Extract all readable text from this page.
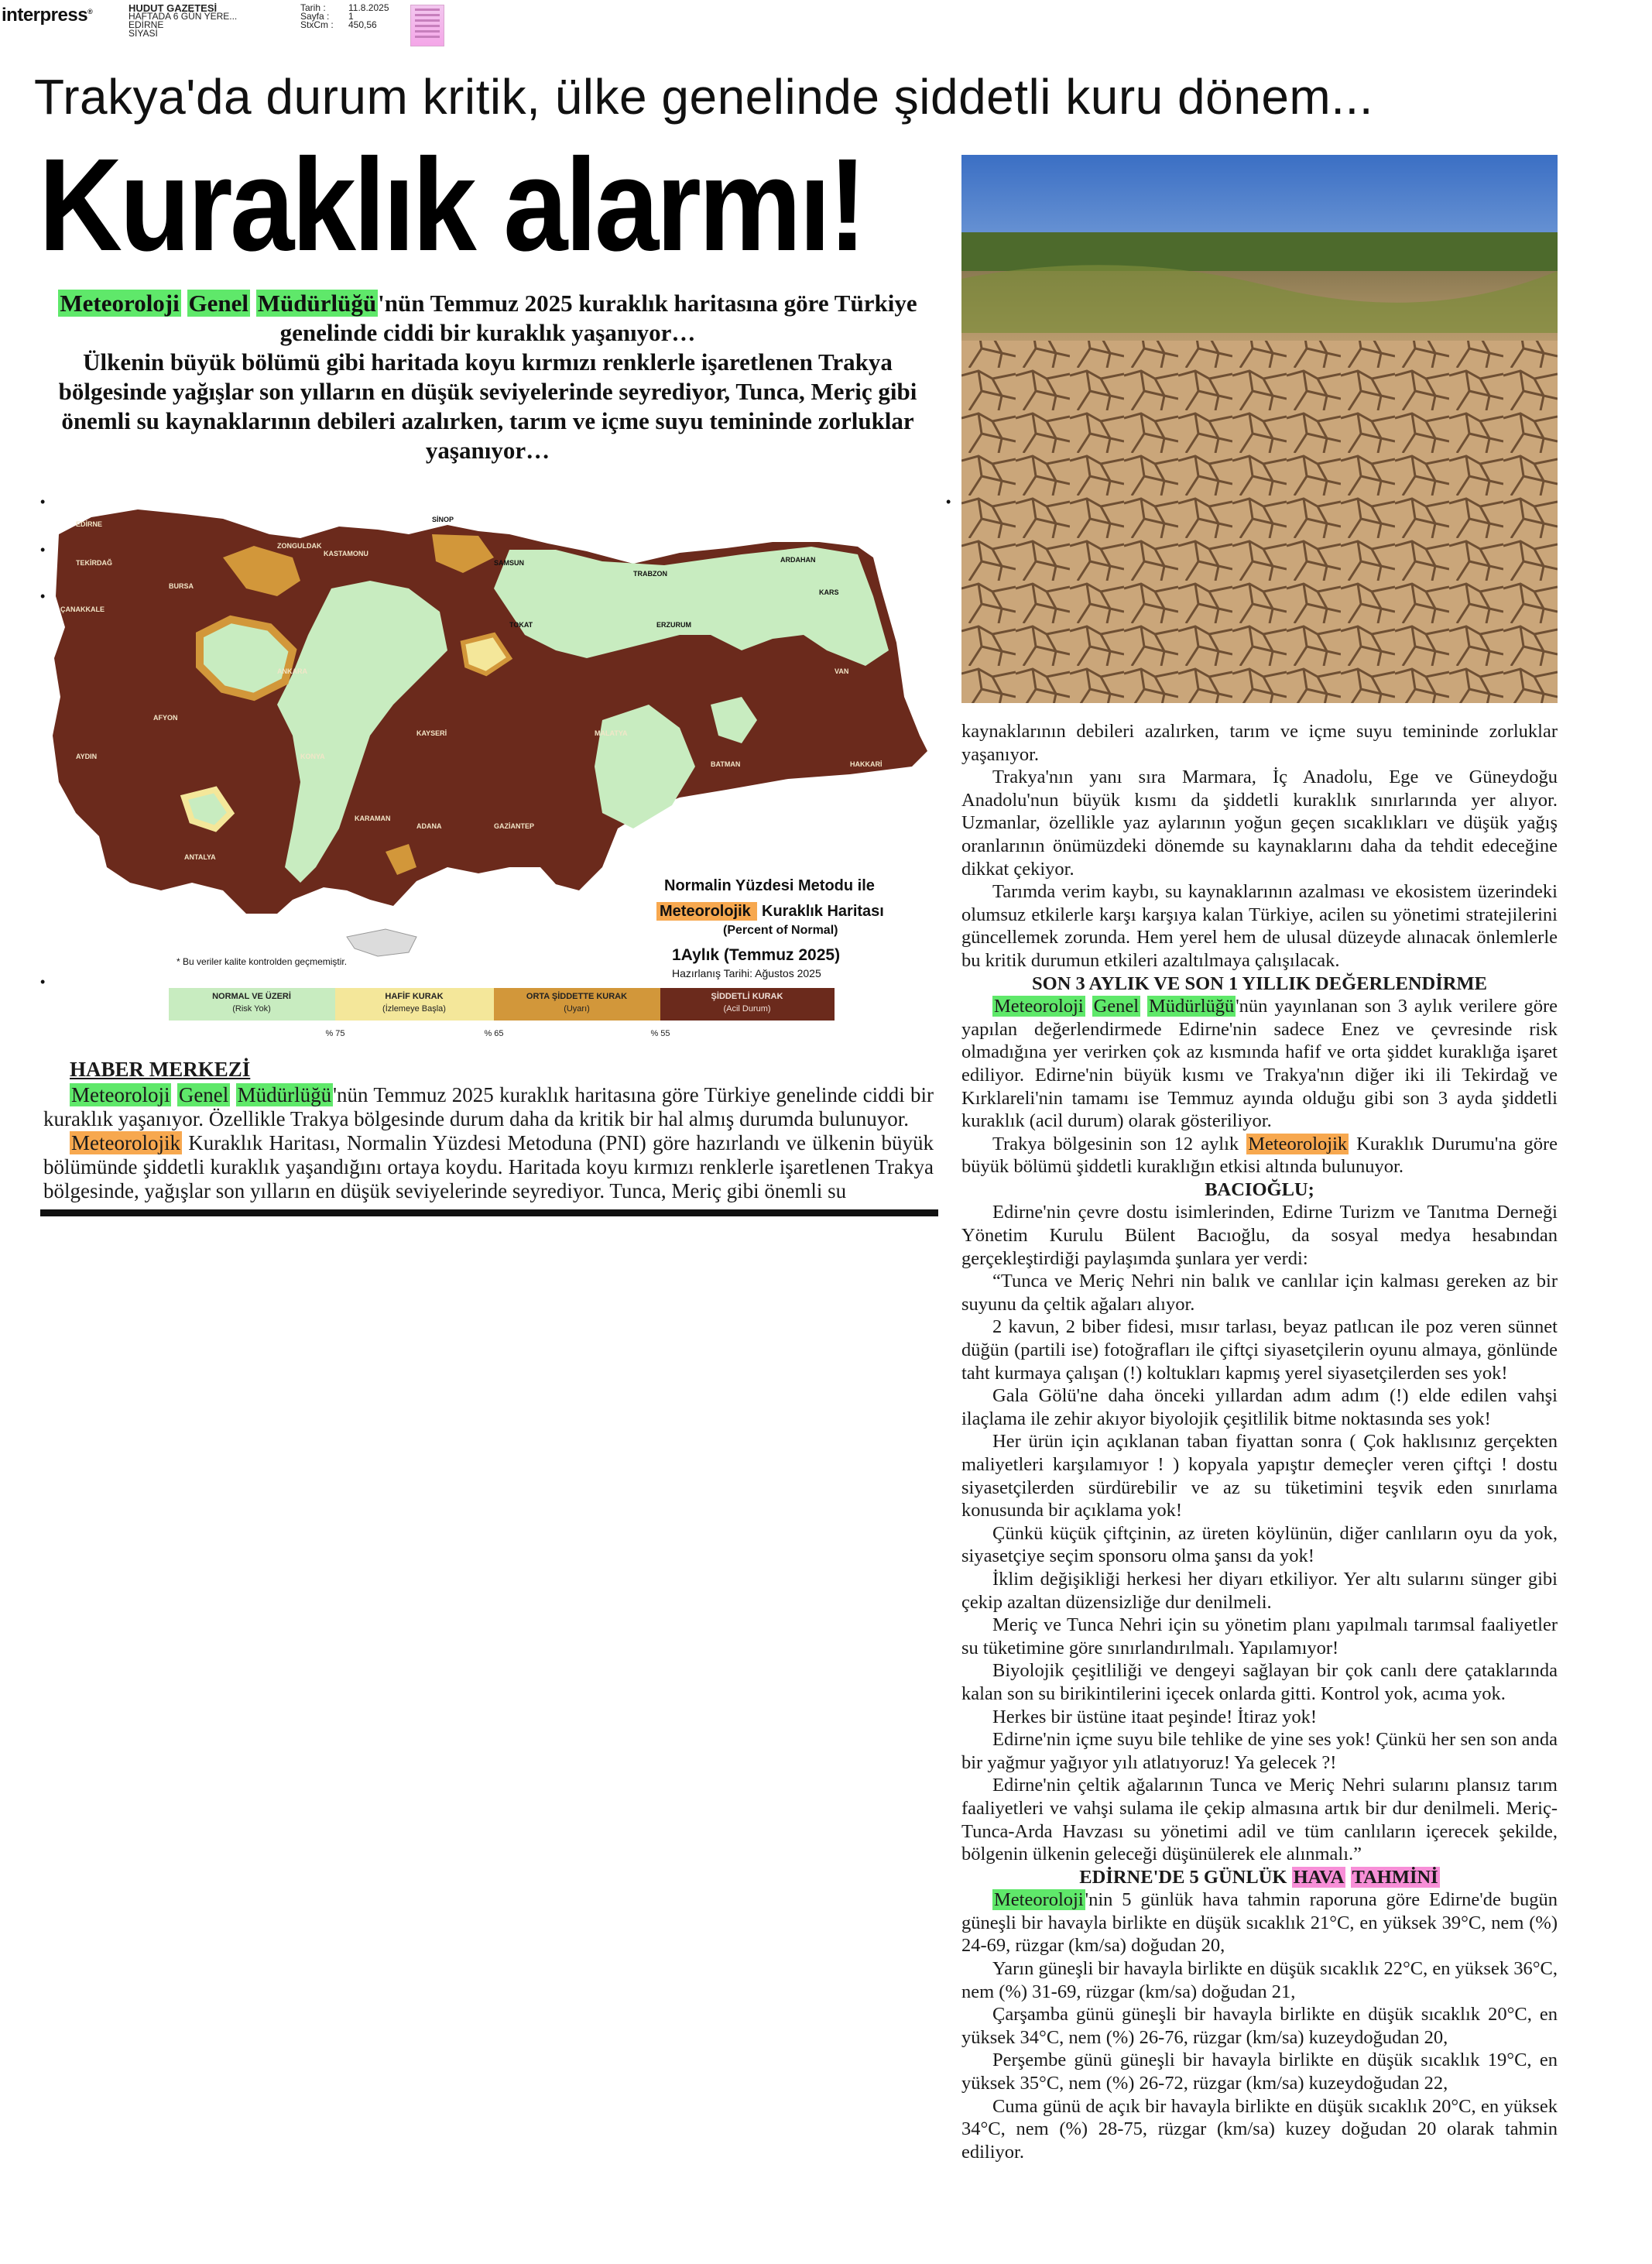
interpress®	HUDUT GAZETESİ
HAFTADA 6 GÜN YERE...
EDİRNE
SİYASİ
Tarih : 11.8.2025
Sayfa : 1
StxCm : 450,56
Trakya'da durum kritik, ülke genelinde şiddetli kuru dönem...
Kuraklık alarmı!

Meteoroloji Genel Müdürlüğü'nün Temmuz 2025 kuraklık haritasına göre Türkiye genelinde ciddi bir kuraklık yaşanıyor…

Ülkenin büyük bölümü gibi haritada koyu kırmızı renklerle işaretlenen Trakya bölgesinde yağışlar son yılların en düşük seviyelerinde seyrediyor, Tunca, Meriç gibi önemli su kaynaklarının debileri azalırken, tarım ve içme suyu temininde zorluklar yaşanıyor…

•
•
•
•
•
SİNOP
ZONGULDAK
KASTAMONU
SAMSUN
TRABZON
ARDAHAN
KARS
TEKİRDAĞ
EDİRNE
ÇANAKKALE
BURSA
ERZURUM
TOKAT
ANKARA
AFYON
AYDIN	KONYA
KAYSERİ	MALATYA
BATMAN
VAN
HAKKARİ
GAZİANTEP
ADANA
ANTALYA
KARAMAN
© MGM
Normalin Yüzdesi Metodu ile
Meteorolojik Kuraklık Haritası
(Percent of Normal)
1Aylık (Temmuz 2025)
Hazırlanış Tarihi: Ağustos 2025
* Bu veriler kalite kontrolden geçmemiştir.
NORMAL VE ÜZERİ
(Risk Yok)
HAFİF KURAK
(İzlemeye Başla)
ORTA ŞİDDETTE KURAK
(Uyarı)
ŞİDDETLİ KURAK
(Acil Durum)
% 75	% 65	% 55

HABER MERKEZİ

Meteoroloji Genel Müdürlüğü'nün Temmuz 2025 kuraklık haritasına göre Türkiye genelinde ciddi bir kuraklık yaşanıyor. Özellikle Trakya bölgesinde durum daha da kritik bir hal almış durumda bulunuyor.

Meteorolojik Kuraklık Haritası, Normalin Yüzdesi Metoduna (PNI) göre hazırlandı ve ülkenin büyük bölümünde şiddetli kuraklık yaşandığını ortaya koydu. Haritada koyu kırmızı renklerle işaretlenen Trakya bölgesinde, yağışlar son yılların en düşük seviyelerinde seyrediyor. Tunca, Meriç gibi önemli su

kaynaklarının debileri azalırken, tarım ve içme suyu temininde zorluklar yaşanıyor.

Trakya'nın yanı sıra Marmara, İç Anadolu, Ege ve Güneydoğu Anadolu'nun büyük kısmı da şiddetli kuraklık sınırlarında yer alıyor. Uzmanlar, özellikle yaz aylarının yoğun geçen sıcaklıkları ve düşük yağış oranlarının önümüzdeki dönemde su kaynaklarını daha da tehdit edeceğine dikkat çekiyor.

Tarımda verim kaybı, su kaynaklarının azalması ve ekosistem üzerindeki olumsuz etkilerle karşı karşıya kalan Türkiye, acilen su yönetimi stratejilerini güncellemek zorunda. Hem yerel hem de ulusal düzeyde alınacak önlemlerle bu kritik durumun etkileri azaltılmaya çalışılacak.

SON 3 AYLIK VE SON 1 YILLIK DEĞERLENDİRME

Meteoroloji Genel Müdürlüğü'nün yayınlanan son 3 aylık verilere göre yapılan değerlendirmede Edirne'nin sadece Enez ve çevresinde risk olmadığına yer verirken çok az kısmında hafif ve orta şiddet kuraklığa işaret ediliyor. Edirne'nin büyük kısmı ve Trakya'nın diğer iki ili Tekirdağ ve Kırklareli'nin tamamı ise Temmuz ayında olduğu gibi son 3 ayda şiddetli kuraklık (acil durum) olarak gösteriliyor.

Trakya bölgesinin son 12 aylık Meteorolojik Kuraklık Durumu'na göre büyük bölümü şiddetli kuraklığın etkisi altında bulunuyor.

BACIOĞLU;

Edirne'nin çevre dostu isimlerinden, Edirne Turizm ve Tanıtma Derneği Yönetim Kurulu Bülent Bacıoğlu, da sosyal medya hesabından gerçekleştirdiği paylaşımda şunlara yer verdi:

“Tunca ve Meriç Nehri nin balık ve canlılar için kalması gereken az bir suyunu da çeltik ağaları alıyor.

2 kavun, 2 biber fidesi, mısır tarlası, beyaz patlıcan ile poz veren sünnet düğün (partili ise) fotoğrafları ile çiftçi siyasetçilerin oyunu almaya, gönlünde taht kurmaya çalışan (!) koltukları kapmış yerel siyasetçilerden ses yok!

Gala Gölü'ne daha önceki yıllardan adım adım (!) elde edilen vahşi ilaçlama ile zehir akıyor biyolojik çeşitlilik bitme noktasında ses yok!

Her ürün için açıklanan taban fiyattan sonra ( Çok haklısınız gerçekten maliyetleri karşılamıyor ! ) kopyala yapıştır demeçler veren çiftçi ! dostu siyasetçilerden sürdürebilir ve az su tüketimini teşvik eden sınırlama konusunda bir açıklama yok!

Çünkü küçük çiftçinin, az üreten köylünün, diğer canlıların oyu da yok, siyasetçiye seçim sponsoru olma şansı da yok!

İklim değişikliği herkesi her diyarı etkiliyor. Yer altı sularını sünger gibi çekip azaltan düzensizliğe dur denilmeli.

Meriç ve Tunca Nehri için su yönetim planı yapılmalı tarımsal faaliyetler su tüketimine göre sınırlandırılmalı. Yapılamıyor!

Biyolojik çeşitliliği ve dengeyi sağlayan bir çok canlı dere çataklarında kalan son su birikintilerini içecek onlarda gitti. Kontrol yok, acıma yok.

Herkes bir üstüne itaat peşinde! İtiraz yok!

Edirne'nin içme suyu bile tehlike de yine ses yok! Çünkü her sen son anda bir yağmur yağıyor yılı atlatıyoruz! Ya gelecek ?!

Edirne'nin çeltik ağalarının Tunca ve Meriç Nehri sularını plansız tarım faaliyetleri ve vahşi sulama ile çekip almasına artık bir dur denilmeli. Meriç-Tunca-Arda Havzası su yönetimi adil ve tüm canlıların içerecek şekilde, bölgenin ülkenin geleceği düşünülerek ele alınmalı.”

EDİRNE'DE 5 GÜNLÜK HAVA TAHMİNİ

Meteoroloji'nin 5 günlük hava tahmin raporuna göre Edirne'de bugün güneşli bir havayla birlikte en düşük sıcaklık 21°C, en yüksek 39°C, nem (%) 24-69, rüzgar (km/sa) doğudan 20,

Yarın güneşli bir havayla birlikte en düşük sıcaklık 22°C, en yüksek 36°C, nem (%) 31-69, rüzgar (km/sa) doğudan 21,

Çarşamba günü güneşli bir havayla birlikte en düşük sıcaklık 20°C, en yüksek 34°C, nem (%) 26-76, rüzgar (km/sa) kuzeydoğudan 20,

Perşembe günü güneşli bir havayla birlikte en düşük sıcaklık 19°C, en yüksek 35°C, nem (%) 26-72, rüzgar (km/sa) kuzeydoğudan 22,

Cuma günü de açık bir havayla birlikte en düşük sıcaklık 20°C, en yüksek 34°C, nem (%) 28-75, rüzgar (km/sa) kuzey doğudan 20 olarak tahmin ediliyor.
